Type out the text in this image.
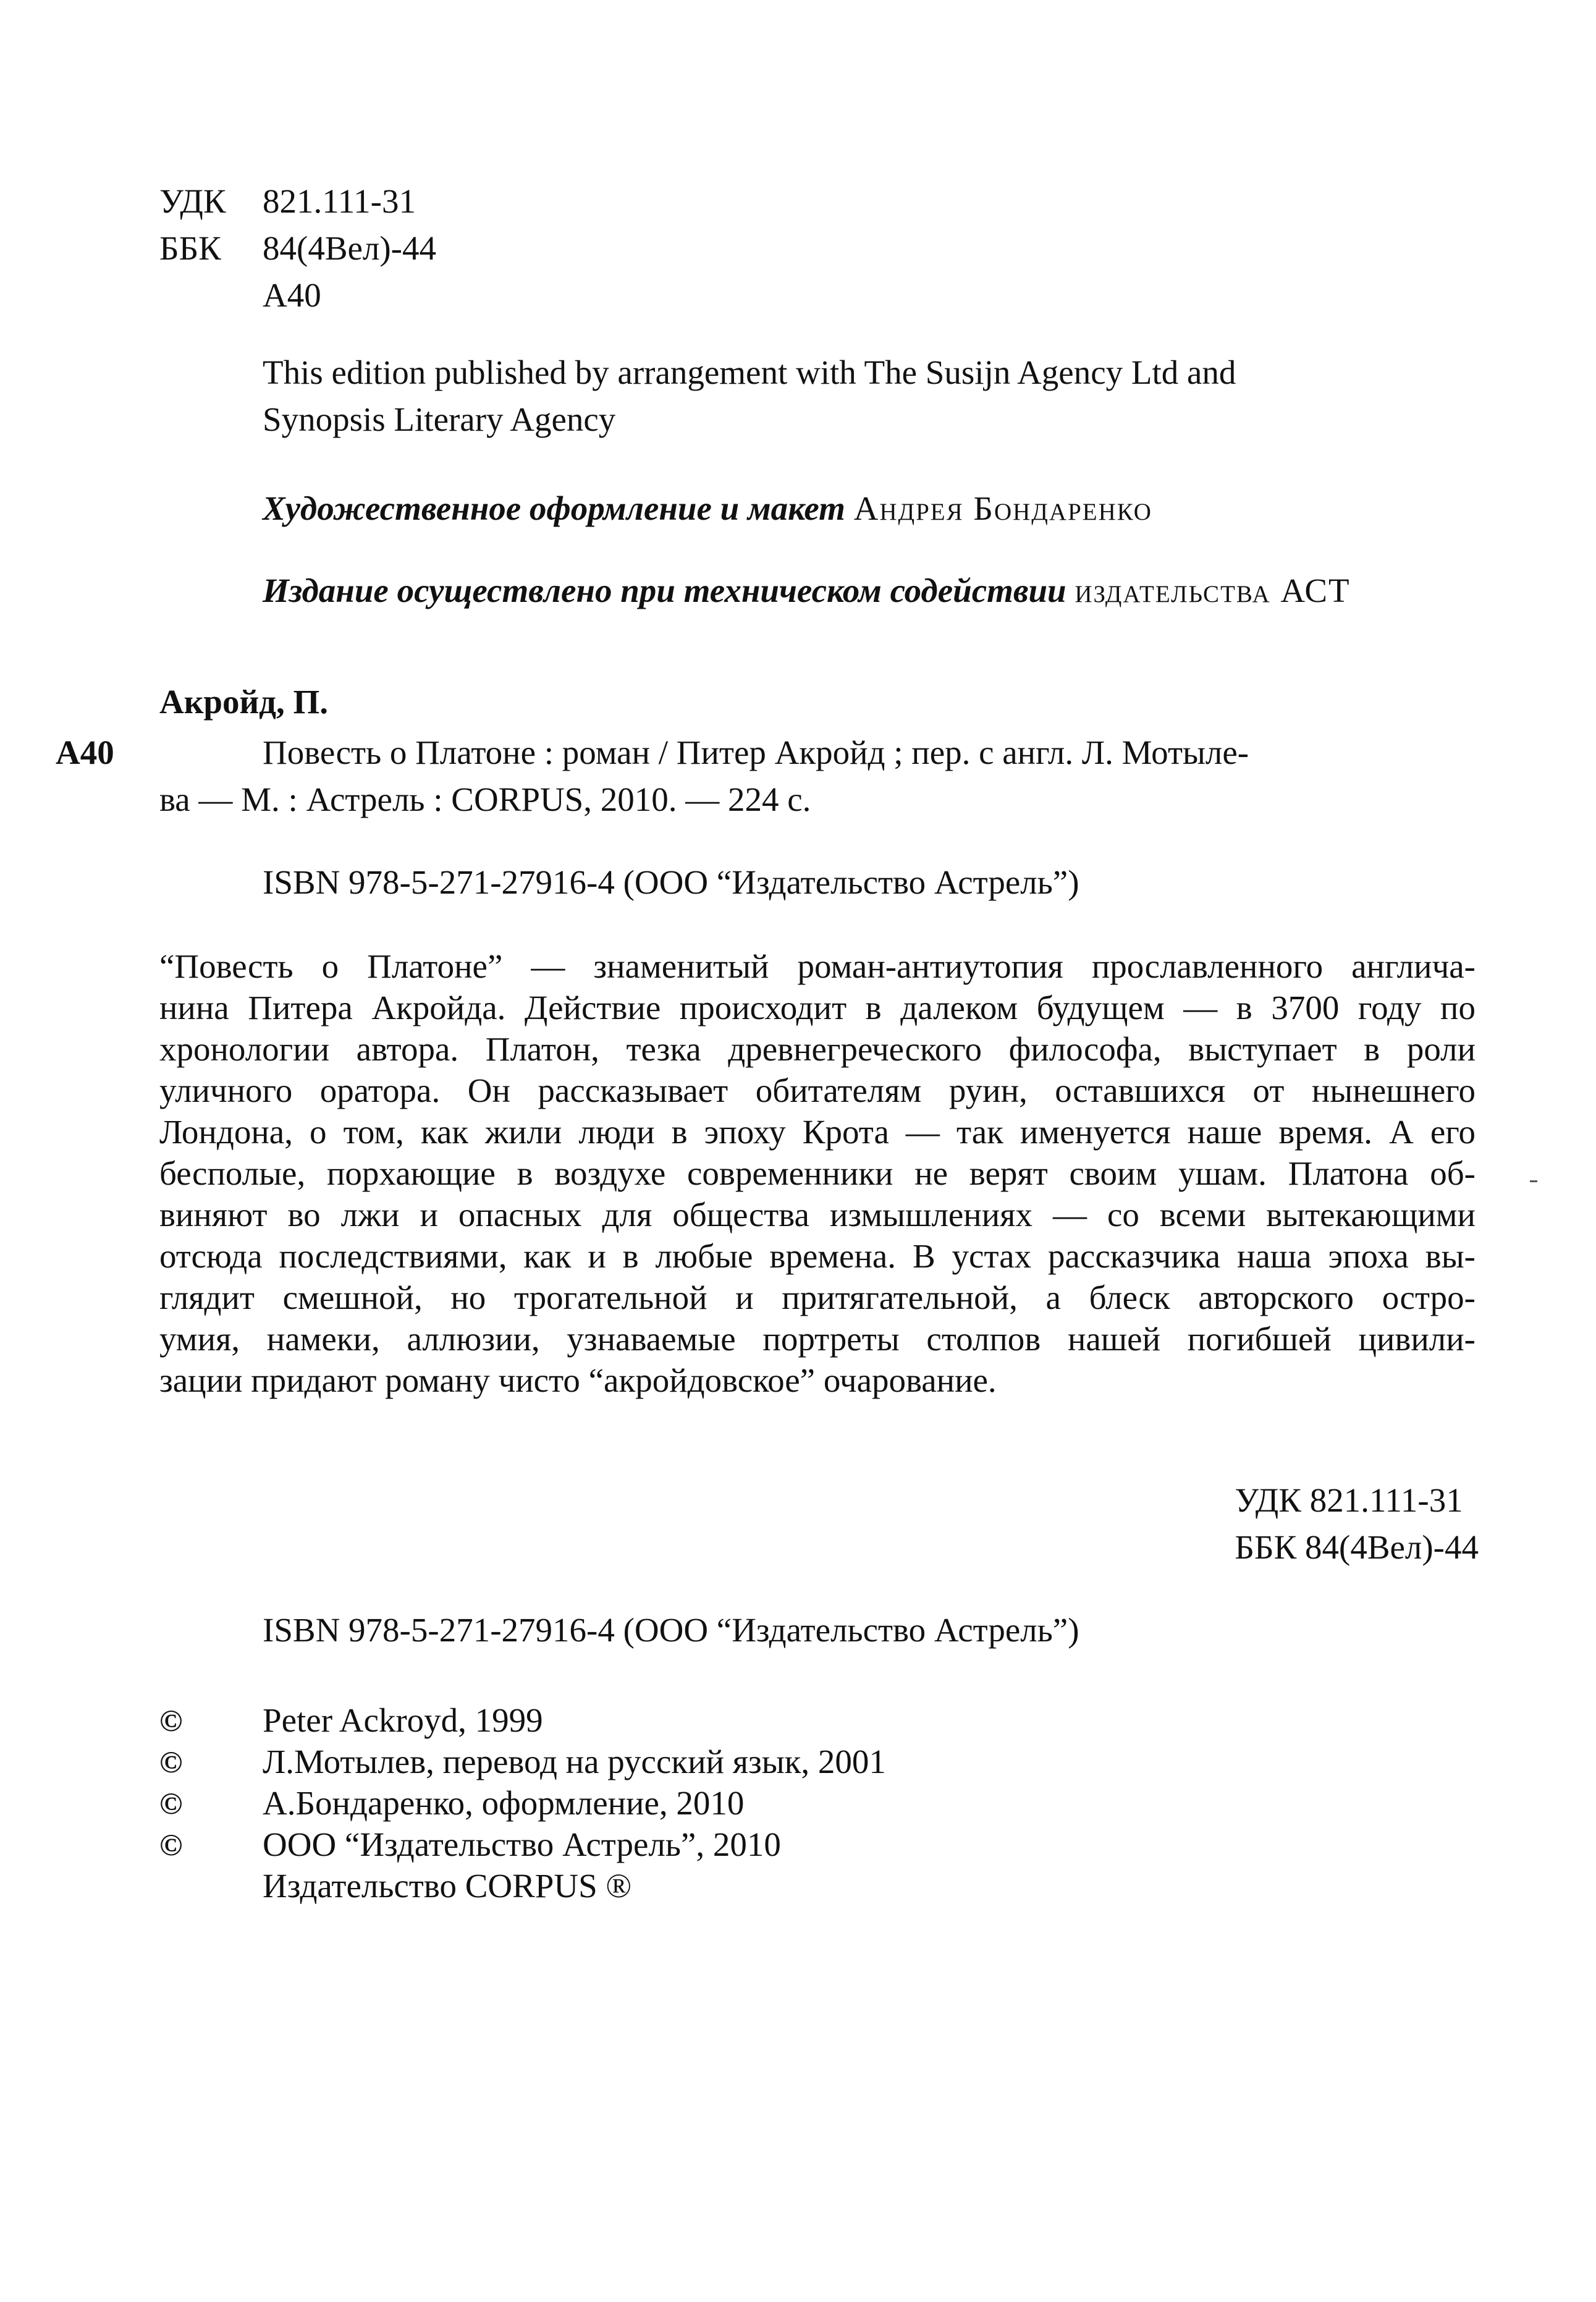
УДК	821.111-31
ББК	84(4Вел)-44
А40
This edition published by arrangement with The Susijn Agency Ltd and
Synopsis Literary Agency
Художественное оформление и макет Андрея Бондаренко
Издание осуществлено при техническом содействии издательства АСТ
Акройд, П.
А40	Повесть о Платоне : роман / Питер Акройд ; пер. с англ. Л. Мотыле-
ва — М. : Астрель : CORPUS, 2010. — 224 с.
ISBN 978-5-271-27916-4 (ООО “Издательство Астрель”)
“Повесть о Платоне” — знаменитый роман-антиутопия прославленного англича-
нина Питера Акройда. Действие происходит в далеком будущем — в 3700 году по
хронологии автора. Платон, тезка древнегреческого философа, выступает в роли
уличного оратора. Он рассказывает обитателям руин, оставшихся от нынешнего
Лондона, о том, как жили люди в эпоху Крота — так именуется наше время. А его
бесполые, порхающие в воздухе современники не верят своим ушам. Платона об-
виняют во лжи и опасных для общества измышлениях — со всеми вытекающими
отсюда последствиями, как и в любые времена. В устах рассказчика наша эпоха вы-
глядит смешной, но трогательной и притягательной, а блеск авторского остро-
умия, намеки, аллюзии, узнаваемые портреты столпов нашей погибшей цивили-
зации придают роману чисто “акройдовское” очарование.
УДК 821.111-31
ББК 84(4Вел)-44
ISBN 978-5-271-27916-4 (ООО “Издательство Астрель”)
©	Peter Ackroyd, 1999
©	Л.Мотылев, перевод на русский язык, 2001
©	А.Бондаренко, оформление, 2010
©	ООО “Издательство Астрель”, 2010
Издательство CORPUS ®
